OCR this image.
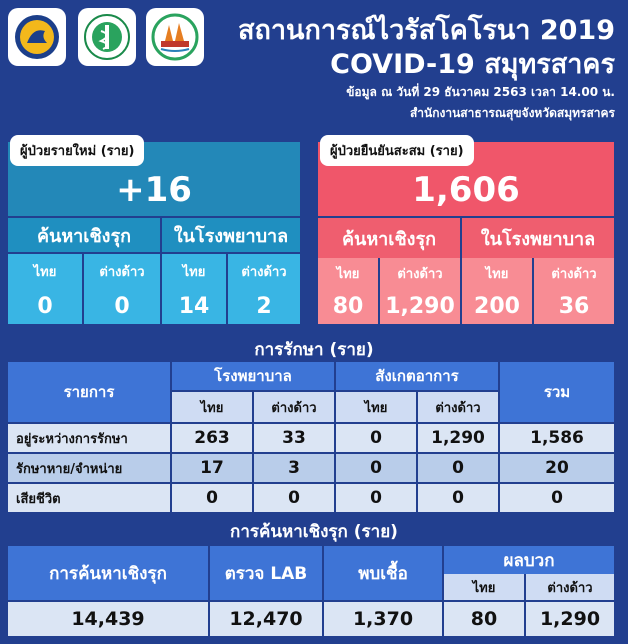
สถานการณ์ไวรัสโคโรนา 2019
COVID-19 สมุทรสาคร
ข้อมูล ณ วันที่ 29 ธันวาคม 2563 เวลา 14.00 น.
สำนักงานสาธารณสุขจังหวัดสมุทรสาคร
ผู้ป่วยรายใหม่ (ราย)
+16
ค้นหาเชิงรุก	ในโรงพยาบาล
ไทย	ต่างด้าว	ไทย	ต่างด้าว
0	0	14	2
ผู้ป่วยยืนยันสะสม (ราย)
1,606
ค้นหาเชิงรุก	ในโรงพยาบาล
ไทย	ต่างด้าว	ไทย	ต่างด้าว
80 1,290 200	36
การรักษา (ราย)
รายการ
โรงพยาบาล	สังเกตอาการ
รวม
ไทย	ต่างด้าว	ไทย	ต่างด้าว
อยู่ระหว่างการรักษา	263	33	0	1,290	1,586
รักษาหาย/จำหน่าย	17	3	0	0	20
เสียชีวิต	0	0	0	0	0
การค้นหาเชิงรุก (ราย)
การค้นหาเชิงรุก	ตรวจ LAB	พบเชื้อ
ผลบวก
ไทย	ต่างด้าว
14,439	12,470	1,370	80	1,290
